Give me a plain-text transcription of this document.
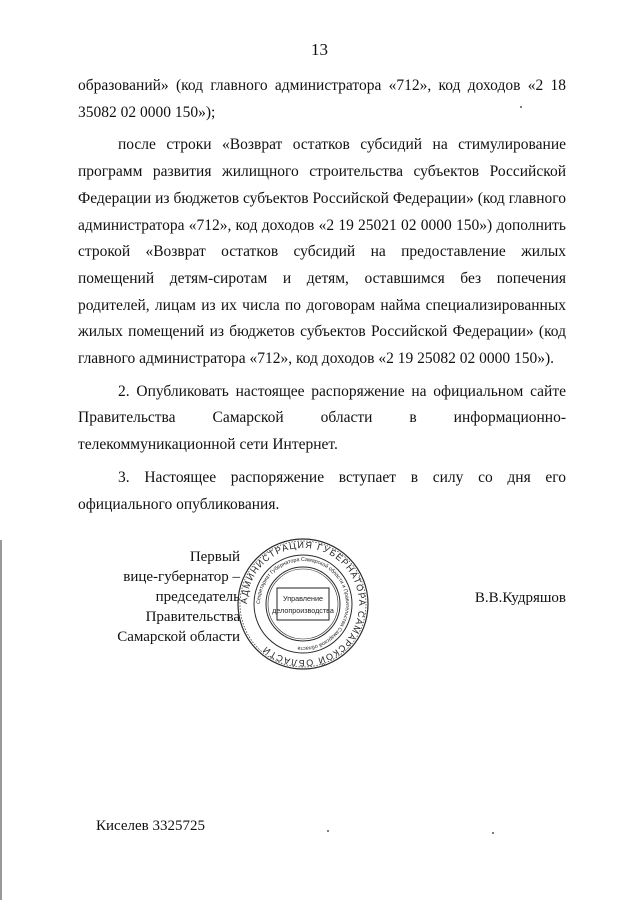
13

образований» (код главного администратора «712», код доходов «2 18 35082 02 0000 150»);

после строки «Возврат остатков субсидий на стимулирование программ развития жилищного строительства субъектов Российской Федерации из бюджетов субъектов Российской Федерации» (код главного администратора «712», код доходов «2 19 25021 02 0000 150») дополнить строкой «Возврат остатков субсидий на предоставление жилых помещений детям-сиротам и детям, оставшимся без попечения родителей, лицам из их числа по договорам найма специализированных жилых помещений из бюджетов субъектов Российской Федерации» (код главного администратора «712», код доходов «2 19 25082 02 0000 150»).

2. Опубликовать настоящее распоряжение на официальном сайте Правительства Самарской области в информационно-телекоммуникационной сети Интернет.

3. Настоящее распоряжение вступает в силу со дня его официального опубликования.

Первый
вице-губернатор –
председатель Правительства
Самарской области
АДМИНИСТРАЦИЯ ГУБЕРНАТОРА САМАРСКОЙ ОБЛАСТИ
Секретариат Губернатора Самарской области и Правительства Самарской области
Управление
делопроизводства
В.В.Кудряшов
Киселев 3325725
